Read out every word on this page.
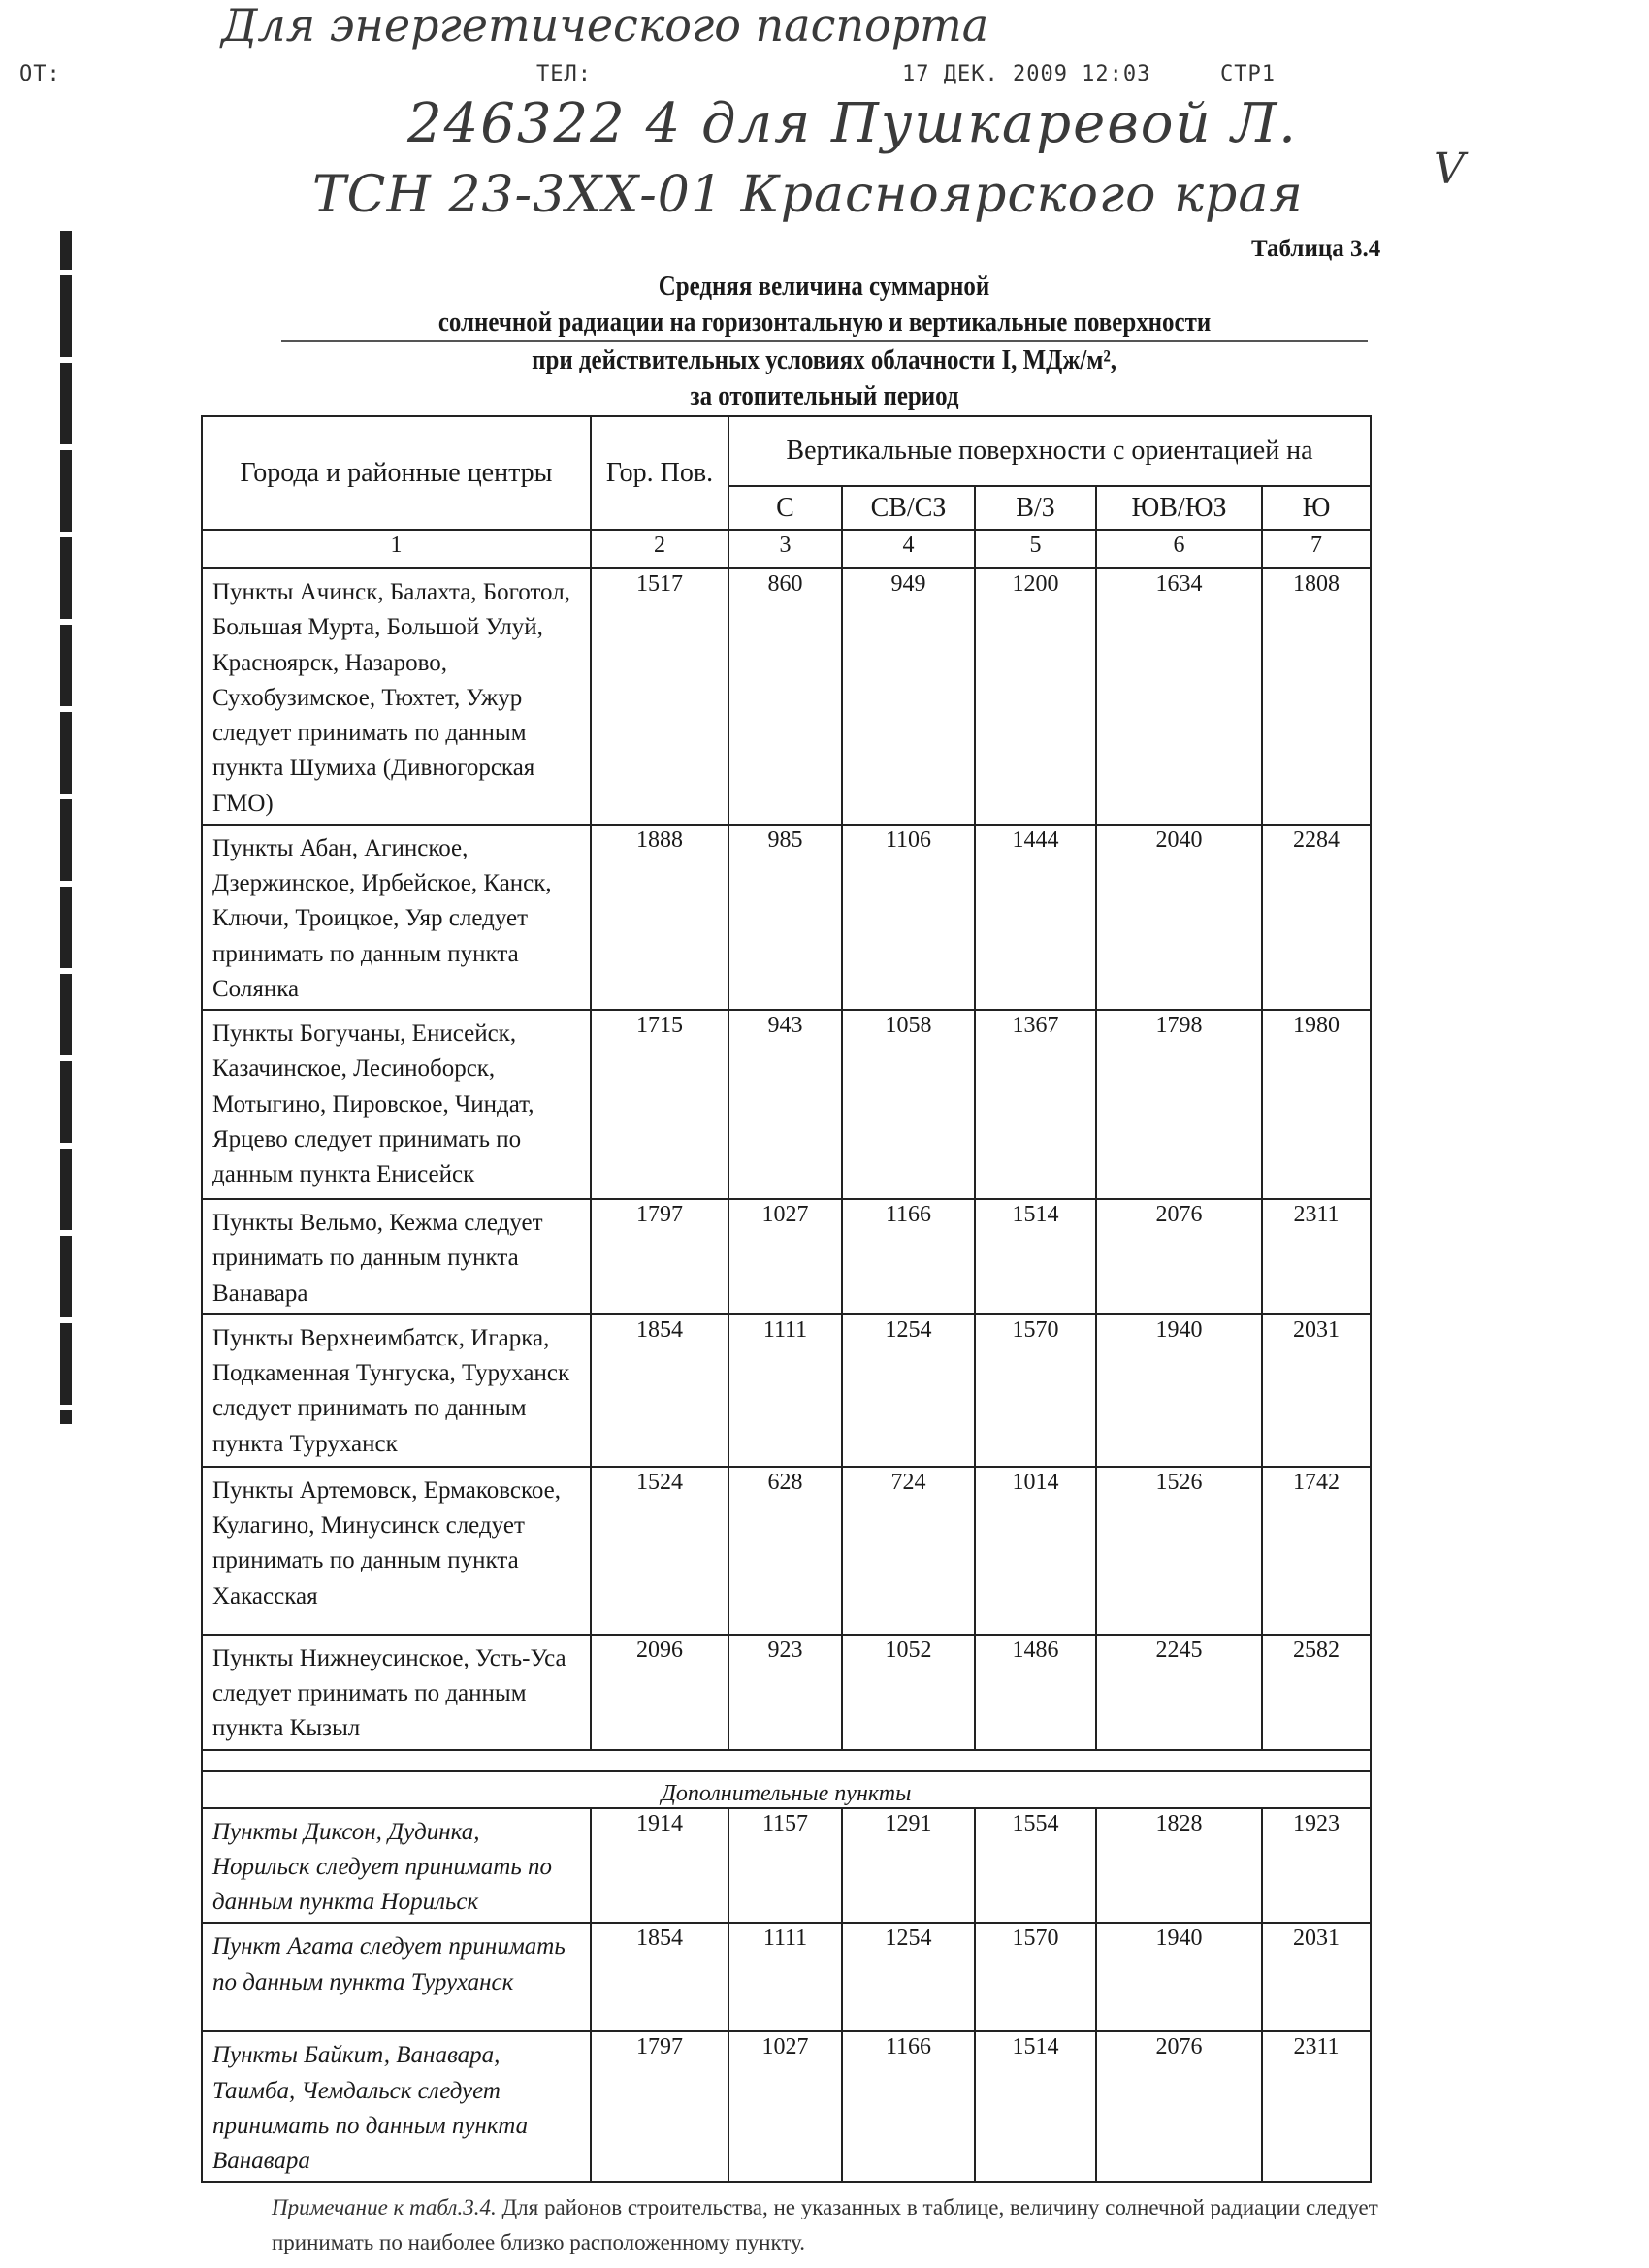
Для энергетического паспорта
ОТ:	ТЕЛ:	17 ДЕК. 2009 12:03	СТР1
246322 4 для Пушкаревой Л.
ТСН 23-3ХХ-01 Красноярского края	V
Таблица 3.4
Средняя величина суммарной
солнечной радиации на горизонтальную и вертикальные поверхности
при действительных условиях облачности I, МДж/м²,
за отопительный период
Города и районные центры	Гор. Пов.	Вертикальные поверхности с ориентацией на				
		С	СВ/СЗ	В/З	ЮВ/ЮЗ	Ю
1	2	3	4	5	6	7
Пункты Ачинск, Балахта, Боготол, Большая Мурта, Большой Улуй, Красноярск, Назарово, Сухобузимское, Тюхтет, Ужур следует принимать по данным пункта Шумиха (Дивногорская ГМО)	1517	860	949	1200	1634	1808
Пункты Абан, Агинское, Дзержинское, Ирбейское, Канск, Ключи, Троицкое, Уяр следует принимать по данным пункта Солянка	1888	985	1106	1444	2040	2284
Пункты Богучаны, Енисейск, Казачинское, Лесиноборск, Мотыгино, Пировское, Чиндат, Ярцево следует принимать по данным пункта Енисейск	1715	943	1058	1367	1798	1980
Пункты Вельмо, Кежма следует принимать по данным пункта Ванавара	1797	1027	1166	1514	2076	2311
Пункты Верхнеимбатск, Игарка, Подкаменная Тунгуска, Туруханск следует принимать по данным пункта Туруханск	1854	1111	1254	1570	1940	2031
Пункты Артемовск, Ермаковское, Кулагино, Минусинск следует принимать по данным пункта Хакасская	1524	628	724	1014	1526	1742
Пункты Нижнеусинское, Усть-Уса следует принимать по данным пункта Кызыл	2096	923	1052	1486	2245	2582

Дополнительные пункты						
Пункты Диксон, Дудинка, Норильск следует принимать по данным пункта Норильск	1914	1157	1291	1554	1828	1923
Пункт Агата следует принимать по данным пункта Туруханск	1854	1111	1254	1570	1940	2031
Пункты Байкит, Ванавара, Таимба, Чемдальск следует принимать по данным пункта Ванавара	1797	1027	1166	1514	2076	2311
Примечание к табл.3.4. Для районов строительства, не указанных в таблице, величину солнечной радиации следует принимать по наиболее близко расположенному пункту.
